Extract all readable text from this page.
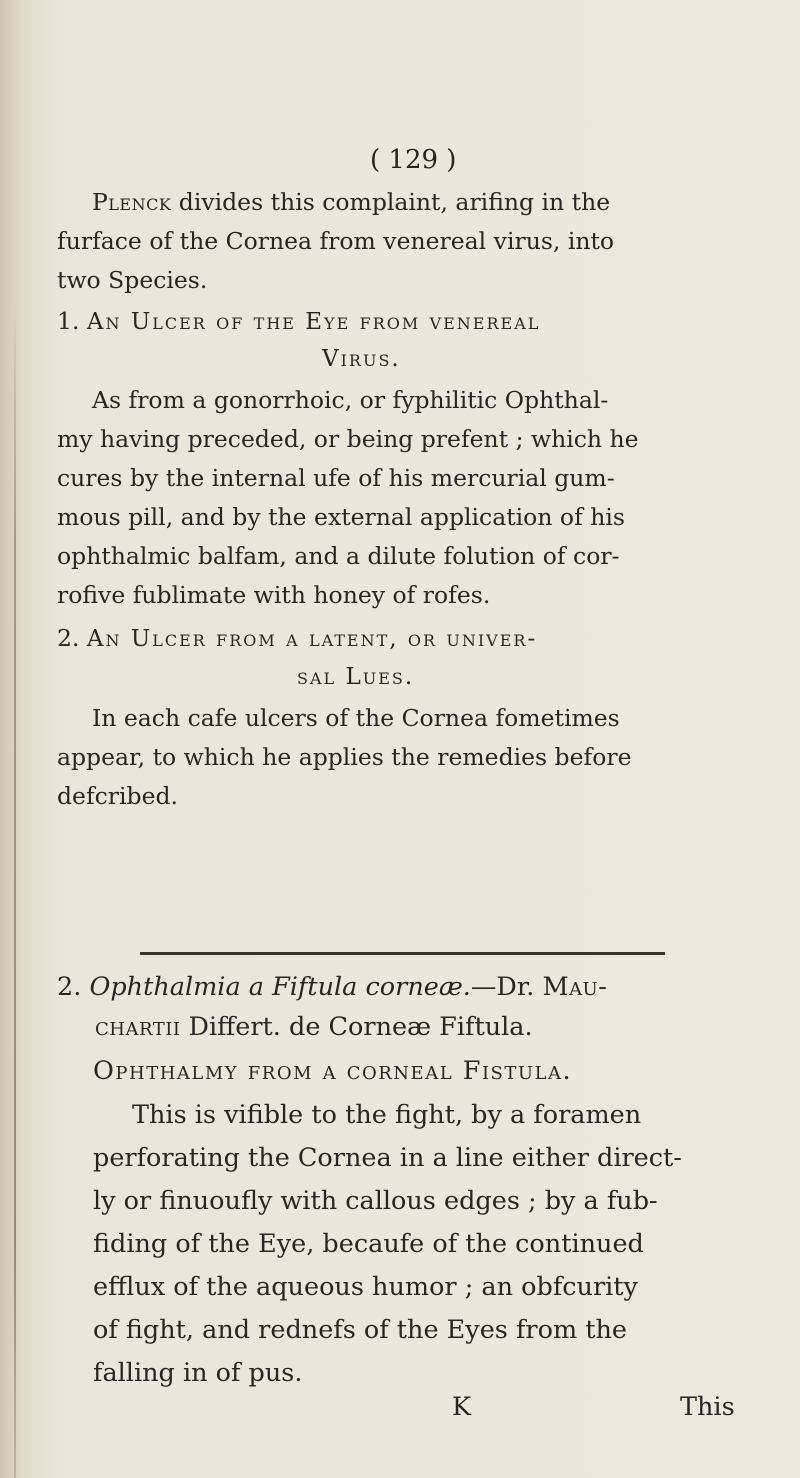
( 129 )
Plenck divides this complaint, arifing in the
furface of the Cornea from venereal virus, into
two Species.
1. An Ulcer of the Eye from venereal
Virus.
As from a gonorrhoic, or fyphilitic Ophthal-
my having preceded, or being prefent ; which he
cures by the internal ufe of his mercurial gum-
mous pill, and by the external application of his
ophthalmic balfam, and a dilute folution of cor-
rofive fublimate with honey of rofes.
2. An Ulcer from a latent, or univer-
sal Lues.
In each cafe ulcers of the Cornea fometimes
appear, to which he applies the remedies before
defcribed.
2. Ophthalmia a Fiftula corneæ.—Dr. Mau-
chartii Differt. de Corneæ Fiftula.
Ophthalmy from a corneal Fistula.
This is vifible to the fight, by a foramen
perforating the Cornea in a line either direct-
ly or finuoufly with callous edges ; by a fub-
fiding of the Eye, becaufe of the continued
efflux of the aqueous humor ; an obfcurity
of fight, and rednefs of the Eyes from the
falling in of pus.
K	This
